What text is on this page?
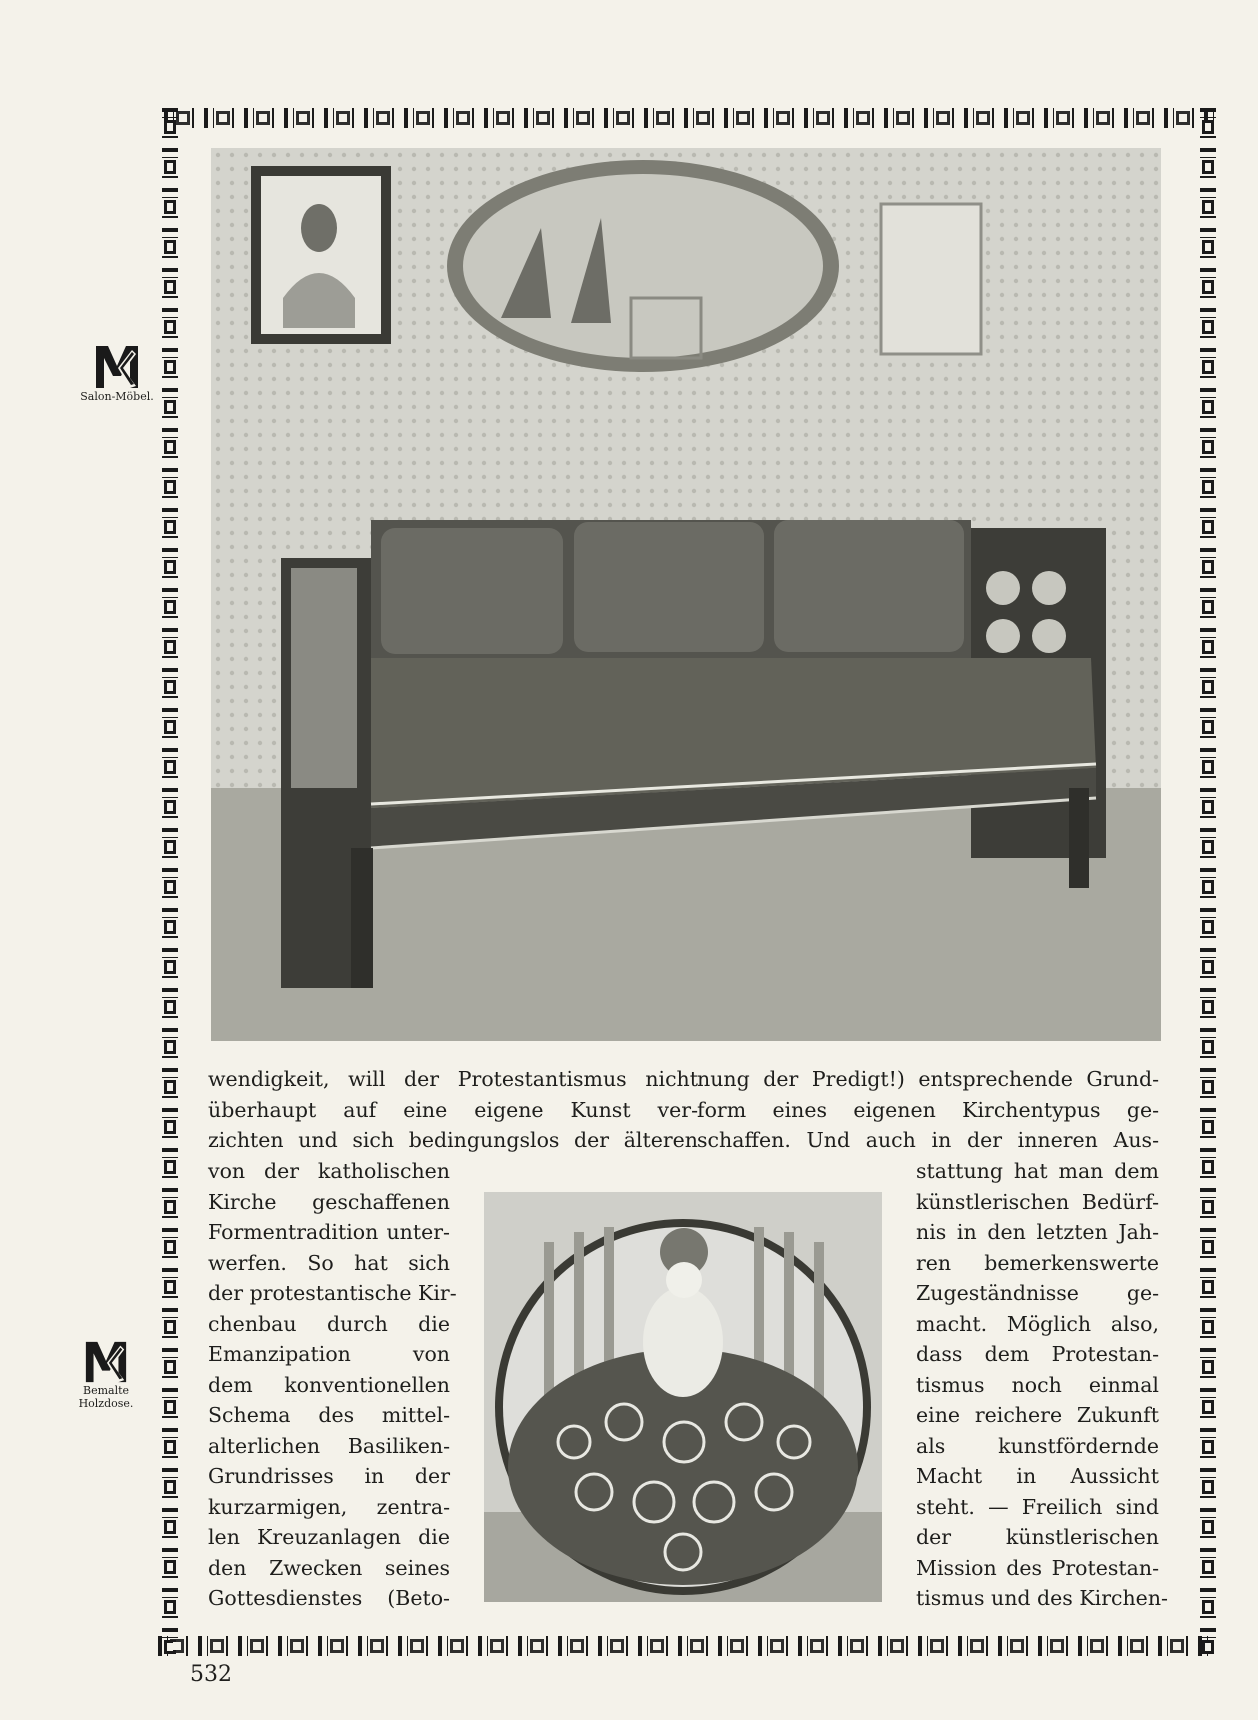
Salon-Möbel.
Bemalte
Holzdose.
wendigkeit, will der Protestantismus nicht
überhaupt auf eine eigene Kunst ver-
zichten und sich bedingungslos der älteren
nung der Predigt!) entsprechende Grund-
form eines eigenen Kirchentypus ge-
schaffen. Und auch in der inneren Aus-
von der katholischen
Kirche geschaffenen
Formentradition unter-
werfen. So hat sich
der protestantische Kir-
chenbau durch die
Emanzipation von
dem konventionellen
Schema des mittel-
alterlichen Basiliken-
Grundrisses in der
kurzarmigen, zentra-
len Kreuzanlagen die
den Zwecken seines
Gottesdienstes (Beto-
stattung hat man dem
künstlerischen Bedürf-
nis in den letzten Jah-
ren bemerkenswerte
Zugeständnisse ge-
macht. Möglich also,
dass dem Protestan-
tismus noch einmal
eine reichere Zukunft
als kunstfördernde
Macht in Aussicht
steht. — Freilich sind
der künstlerischen
Mission des Protestan-
tismus und des Kirchen-
532
